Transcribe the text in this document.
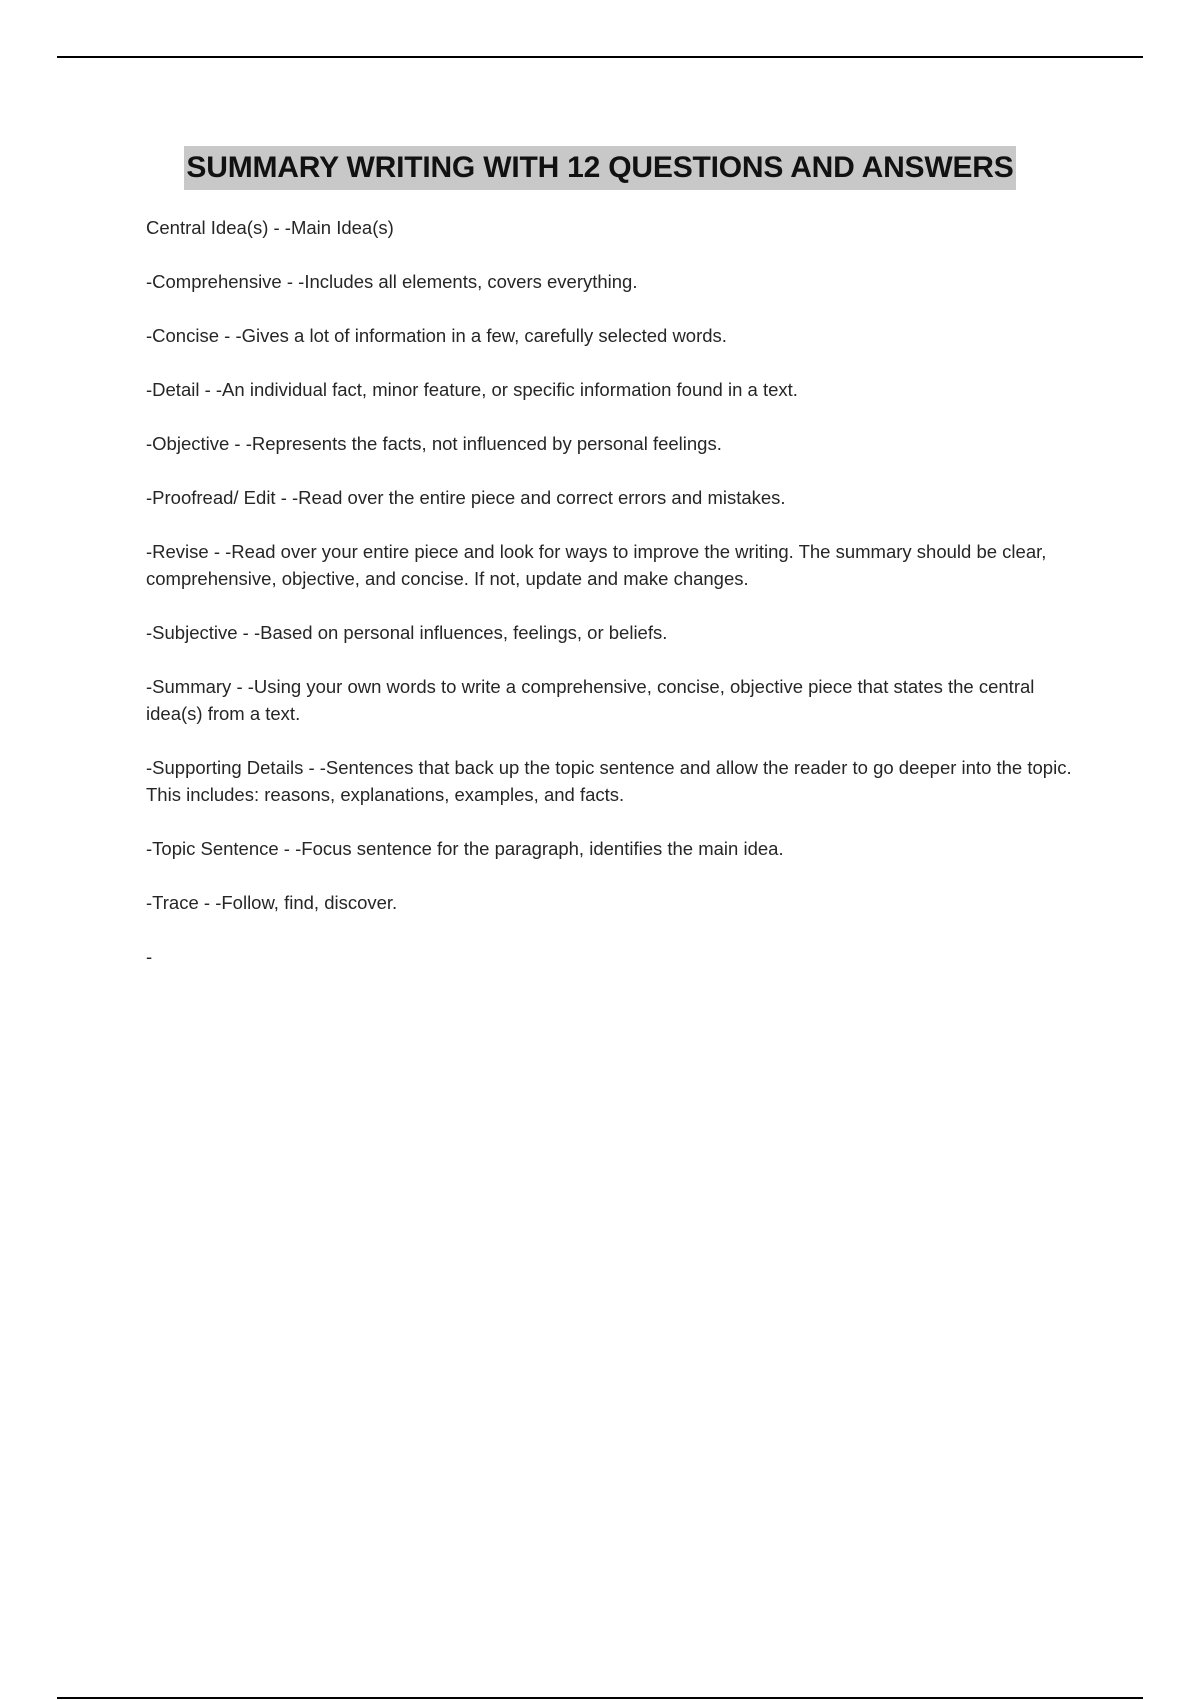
SUMMARY WRITING WITH 12 QUESTIONS AND ANSWERS

Central Idea(s) - -Main Idea(s)

-Comprehensive - -Includes all elements, covers everything.

-Concise - -Gives a lot of information in a few, carefully selected words.

-Detail - -An individual fact, minor feature, or specific information found in a text.

-Objective - -Represents the facts, not influenced by personal feelings.

-Proofread/ Edit - -Read over the entire piece and correct errors and mistakes.

-Revise - -Read over your entire piece and look for ways to improve the writing. The summary should be clear, comprehensive, objective, and concise. If not, update and make changes.

-Subjective - -Based on personal influences, feelings, or beliefs.

-Summary - -Using your own words to write a comprehensive, concise, objective piece that states the central idea(s) from a text.

-Supporting Details - -Sentences that back up the topic sentence and allow the reader to go deeper into the topic. This includes: reasons, explanations, examples, and facts.

-Topic Sentence - -Focus sentence for the paragraph, identifies the main idea.

-Trace - -Follow, find, discover.

-
